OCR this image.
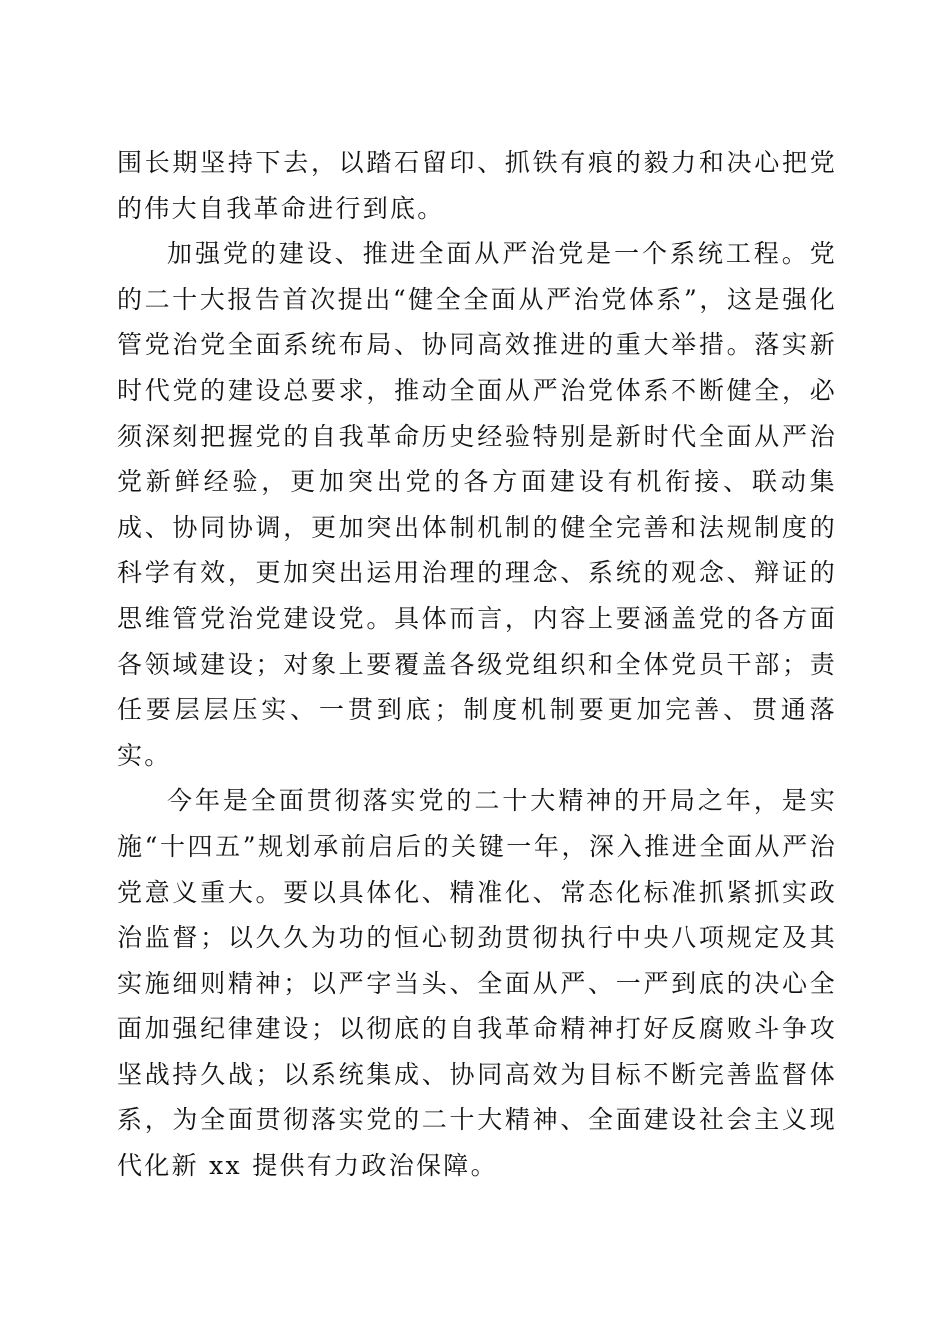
围长期坚持下去，以踏石留印、抓铁有痕的毅力和决心把党的伟大自我革命进行到底。

加强党的建设、推进全面从严治党是一个系统工程。党的二十大报告首次提出“健全全面从严治党体系”，这是强化管党治党全面系统布局、协同高效推进的重大举措。落实新时代党的建设总要求，推动全面从严治党体系不断健全，必须深刻把握党的自我革命历史经验特别是新时代全面从严治党新鲜经验，更加突出党的各方面建设有机衔接、联动集成、协同协调，更加突出体制机制的健全完善和法规制度的科学有效，更加突出运用治理的理念、系统的观念、辩证的思维管党治党建设党。具体而言，内容上要涵盖党的各方面各领域建设；对象上要覆盖各级党组织和全体党员干部；责任要层层压实、一贯到底；制度机制要更加完善、贯通落实。

今年是全面贯彻落实党的二十大精神的开局之年，是实施“十四五”规划承前启后的关键一年，深入推进全面从严治党意义重大。要以具体化、精准化、常态化标准抓紧抓实政治监督；以久久为功的恒心韧劲贯彻执行中央八项规定及其实施细则精神；以严字当头、全面从严、一严到底的决心全面加强纪律建设；以彻底的自我革命精神打好反腐败斗争攻坚战持久战；以系统集成、协同高效为目标不断完善监督体系，为全面贯彻落实党的二十大精神、全面建设社会主义现代化新 xx 提供有力政治保障。
